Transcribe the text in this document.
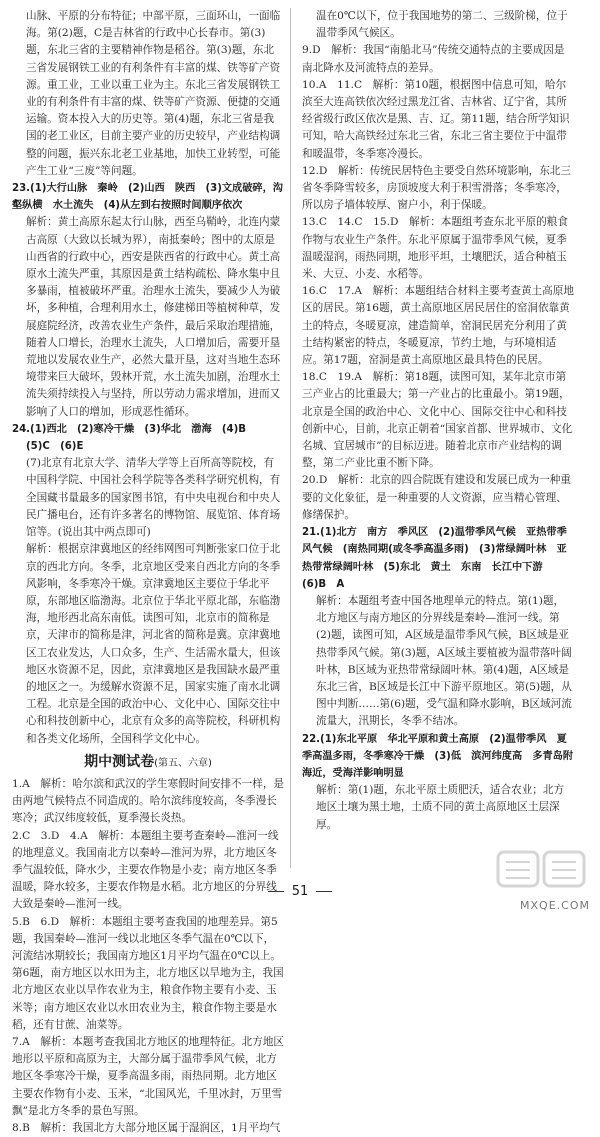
山脉、平原的分布特征；中部平原，三面环山，一面临海。第(2)题，C是吉林省的行政中心长春市。第(3)题，东北三省的主要精神作物是稻谷。第(3)题，东北三省发展钢铁工业的有利条件有丰富的煤、铁等矿产资源。重工业，工业以重工业为主。东北三省发展钢铁工业的有利条件有丰富的煤、铁等矿产资源、便捷的交通运输。资本投入大的历史等。第(4)题，东北三省是我国的老工业区，目前主要产业的历史较早，产业结构调整的问题，振兴东北老工业基地，加快工业转型，可能产生工业“三废”等问题。

23.(1)大行山脉　秦岭　(2)山西　陕西　(3)文成破碎，沟壑纵横　水土流失　(4)从左到右按照时间顺序依次

解析：黄土高原东起太行山脉，西至乌鞘岭，北连内蒙古高原（大致以长城为界），南抵秦岭；图中的太原是山西省的行政中心，西安是陕西省的行政中心。黄土高原水土流失严重，其原因是黄土结构疏松、降水集中且多暴雨，植被破坏严重。治理水土流失，要减少人为破坏，多种植，合理利用水土，修建梯田等植树种草，发展庭院经济，改善农业生产条件，最后采取治理措施，随着人口增长，治理水土流失，人口增加后，需要开垦荒地以发展农业生产，必然大量开垦，这对当地生态环境带来巨大破坏，毁林开荒，水土流失加剧，治理水土流失须持续投入与坚持，所以劳动力需求增加，进而又影响了人口的增加，形成恶性循环。

24.(1)西北　(2)寒冷干燥　(3)华北　渤海　(4)B

(5)C　(6)E

(7)北京有北京大学、清华大学等上百所高等院校，有中国科学院、中国社会科学院等各类科学研究机构，有全国藏书量最多的国家图书馆，有中央电视台和中央人民广播电台，还有许多著名的博物馆、展览馆、体育场馆等。(说出其中两点即可)

解析：根据京津冀地区的经纬网图可判断张家口位于北京的西北方向。冬季，北京地区受来自西北方向的冬季风影响，冬季寒冷干燥。京津冀地区主要位于华北平原，东部地区临渤海。北京位于华北平原北部，东临渤海，地形西北高东南低。读图可知，北京市的简称是京，天津市的简称是津，河北省的简称是冀。京津冀地区工农业发达，人口众多，生产、生活需水量大，但该地区水资源不足，因此，京津冀地区是我国缺水最严重的地区之一。为缓解水资源不足，国家实施了南水北调工程。北京是全国的政治中心、文化中心、国际交往中心和科技创新中心，北京有众多的高等院校，科研机构和各类文化场所，全国科学文化中心。

期中测试卷(第五、六章)

1.A　解析：哈尔滨和武汉的学生寒假时间安排不一样，是由两地气候特点不同造成的。哈尔滨纬度较高，冬季漫长寒冷；武汉纬度较低，夏季漫长炎热。

2.C　3.D　4.A　解析：本题组主要考查秦岭—淮河一线的地理意义。我国南北方以秦岭—淮河为界，北方地区冬季气温较低，降水少，主要农作物是小麦；南方地区冬季温暖，降水较多，主要农作物是水稻。北方地区的分界线大致是秦岭—淮河一线。

5.B　6.D　解析：本题组主要考查我国的地理差异。第5题，我国秦岭—淮河一线以北地区冬季气温在0℃以下，河流结冰期较长；我国南方地区1月平均气温在0℃以上。第6题，南方地区以水田为主，北方地区以旱地为主，我国北方地区农业以旱作农业为主，粮食作物主要有小麦、玉米等；南方地区农业以水田农业为主，粮食作物主要是水稻，还有甘蔗、油菜等。

7.A　解析：本题考查我国北方地区的地理特征。北方地区地形以平原和高原为主，大部分属于温带季风气候，北方地区冬季寒冷干燥，夏季高温多雨，雨热同期。北方地区主要农作物有小麦、玉米，“北国风光，千里冰封，万里雪飘”是北方冬季的景色写照。

8.B　解析：我国北方大部分地区属于湿润区，1月平均气

温在0℃以下，位于我国地势的第二、三级阶梯，位于温带季风气候区。

9.D　解析：我国“南船北马”传统交通特点的主要成因是南北降水及河流特点的差异。

10.A　11.C　解析：第10题，根据图中信息可知，哈尔滨至大连高铁依次经过黑龙江省、吉林省、辽宁省，其所经省级行政区依次是黑、吉、辽。第11题，结合所学知识可知，哈大高铁经过东北三省，东北三省主要位于中温带和暖温带，冬季寒冷漫长。

12.D　解析：传统民居特色主要受自然环境影响，东北三省冬季降雪较多，房顶坡度大利于积雪滑落；冬季寒冷，所以房子墙体较厚、窗户小，利于保暖。

13.C　14.C　15.D　解析：本题组考查东北平原的粮食作物与农业生产条件。东北平原属于温带季风气候，夏季温暖湿润，雨热同期，地形平坦，土壤肥沃，适合种植玉米、大豆、小麦、水稻等。

16.C　17.A　解析：本题组结合材料主要考查黄土高原地区的居民。第16题，黄土高原地区居民居住的窑洞依靠黄土的特点，冬暖夏凉，建造简单，窑洞民居充分利用了黄土结构紧密的特点，冬暖夏凉，节约土地，与环境相适应。第17题，窑洞是黄土高原地区最具特色的民居。

18.C　19.A　解析：第18题，读图可知，某年北京市第三产业占的比重最大；第一产业占的比重最小。第19题，北京是全国的政治中心、文化中心、国际交往中心和科技创新中心，目前，北京正朝着“国家首都、世界城市、文化名城、宜居城市”的目标迈进。随着北京市产业结构的调整，第二产业比重不断下降。

20.D　解析：北京的四合院既有建设和发展已成为一种重要的文化象征，是一种重要的人文资源，应当精心管理、修缮保护。

21.(1)北方　南方　季风区　(2)温带季风气候　亚热带季风气候　(南热同期(或冬季高温多雨)　(3)常绿阔叶林　亚热带常绿阔叶林　(5)东北　黄土　东南　长江中下游　(6)B　A

解析：本题组考查中国各地理单元的特点。第(1)题，北方地区与南方地区的分界线是秦岭—淮河一线。第(2)题，读图可知，A区域是温带季风气候，B区域是亚热带季风气候。第(3)题，A区域主要植被为温带落叶阔叶林，B区域为亚热带常绿阔叶林。第(4)题，A区域是东北三省，B区域是长江中下游平原地区。第(5)题，从图中判断……第(6)题，受气温和降水影响，B区域河流流量大，汛期长，冬季不结冰。

22.(1)东北平原　华北平原和黄土高原　(2)温带季风　夏季高温多雨，冬季寒冷干燥　(3)低　滨河纬度高　多青岛附海近，受海洋影响明显

解析：第(1)题，东北平原土质肥沃，适合农业；北方地区土壤为黑土地，土质不同的黄土高原地区土层深厚。

51
MXQE.COM
